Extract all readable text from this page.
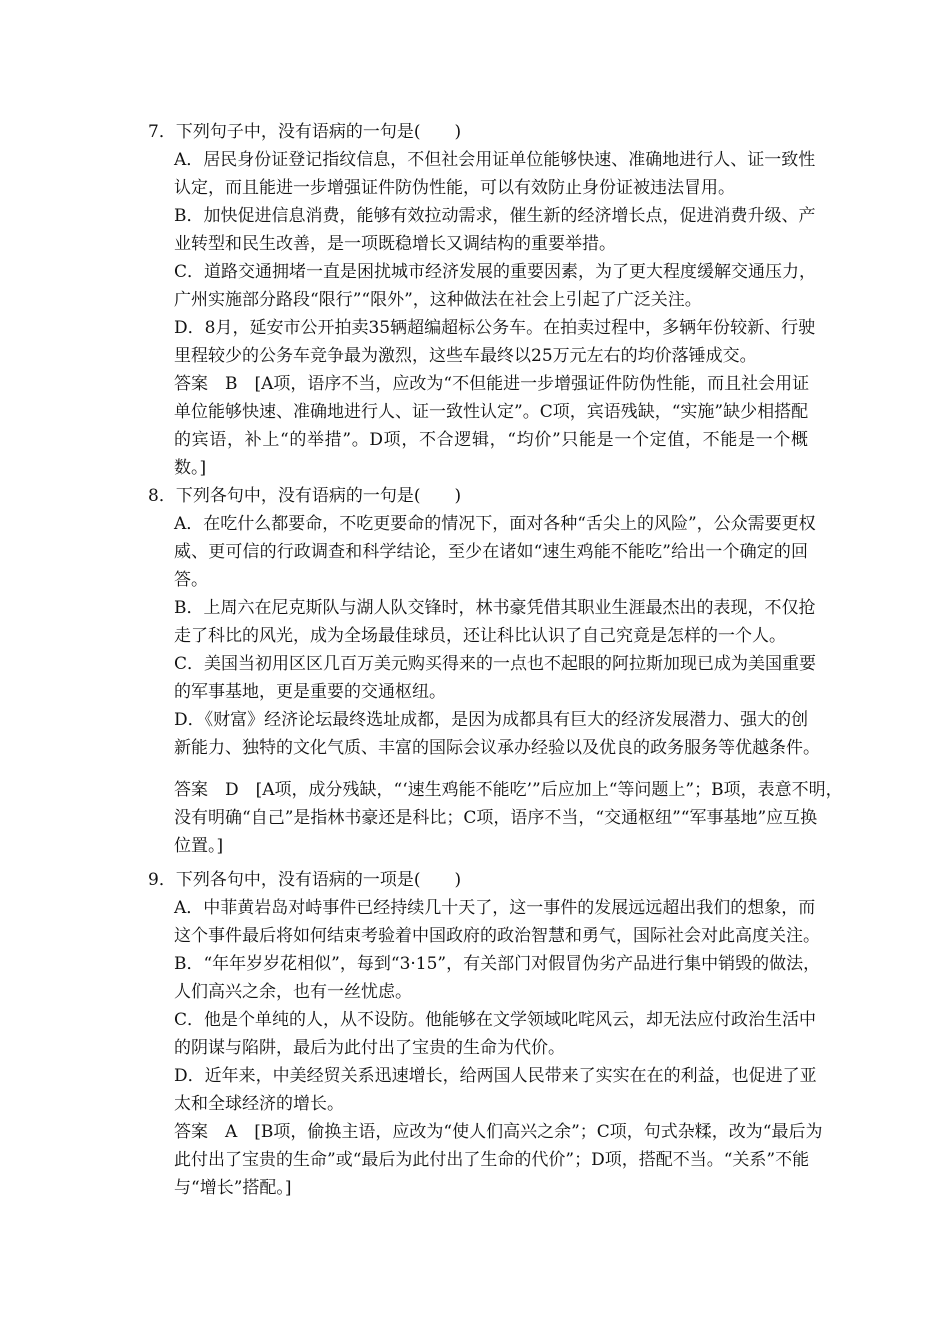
7．下列句子中，没有语病的一句是(　　)
A．居民身份证登记指纹信息，不但社会用证单位能够快速、准确地进行人、证一致性
认定，而且能进一步增强证件防伪性能，可以有效防止身份证被违法冒用。
B．加快促进信息消费，能够有效拉动需求，催生新的经济增长点，促进消费升级、产
业转型和民生改善，是一项既稳增长又调结构的重要举措。
C．道路交通拥堵一直是困扰城市经济发展的重要因素，为了更大程度缓解交通压力，
广州实施部分路段“限行”“限外”，这种做法在社会上引起了广泛关注。
D．8月，延安市公开拍卖35辆超编超标公务车。在拍卖过程中，多辆年份较新、行驶
里程较少的公务车竞争最为激烈，这些车最终以25万元左右的均价落锤成交。
答案　B　[A项，语序不当，应改为“不但能进一步增强证件防伪性能，而且社会用证
单位能够快速、准确地进行人、证一致性认定”。C项，宾语残缺，“实施”缺少相搭配
的宾语，补上“的举措”。D项，不合逻辑，“均价”只能是一个定值，不能是一个概
数。]
8．下列各句中，没有语病的一句是(　　)
A．在吃什么都要命，不吃更要命的情况下，面对各种“舌尖上的风险”，公众需要更权
威、更可信的行政调查和科学结论，至少在诸如“速生鸡能不能吃”给出一个确定的回
答。
B．上周六在尼克斯队与湖人队交锋时，林书豪凭借其职业生涯最杰出的表现，不仅抢
走了科比的风光，成为全场最佳球员，还让科比认识了自己究竟是怎样的一个人。
C．美国当初用区区几百万美元购买得来的一点也不起眼的阿拉斯加现已成为美国重要
的军事基地，更是重要的交通枢纽。
D．《财富》经济论坛最终选址成都，是因为成都具有巨大的经济发展潜力、强大的创
新能力、独特的文化气质、丰富的国际会议承办经验以及优良的政务服务等优越条件。
答案　D　[A项，成分残缺，“‘速生鸡能不能吃’”后应加上“等问题上”；B项，表意不明，
没有明确“自己”是指林书豪还是科比；C项，语序不当，“交通枢纽”“军事基地”应互换
位置。]
9．下列各句中，没有语病的一项是(　　)
A．中菲黄岩岛对峙事件已经持续几十天了，这一事件的发展远远超出我们的想象，而
这个事件最后将如何结束考验着中国政府的政治智慧和勇气，国际社会对此高度关注。
B．“年年岁岁花相似”，每到“3·15”，有关部门对假冒伪劣产品进行集中销毁的做法，
人们高兴之余，也有一丝忧虑。
C．他是个单纯的人，从不设防。他能够在文学领域叱咤风云，却无法应付政治生活中
的阴谋与陷阱，最后为此付出了宝贵的生命为代价。
D．近年来，中美经贸关系迅速增长，给两国人民带来了实实在在的利益，也促进了亚
太和全球经济的增长。
答案　A　[B项，偷换主语，应改为“使人们高兴之余”；C项，句式杂糅，改为“最后为
此付出了宝贵的生命”或“最后为此付出了生命的代价”；D项，搭配不当。“关系”不能
与“增长”搭配。]
